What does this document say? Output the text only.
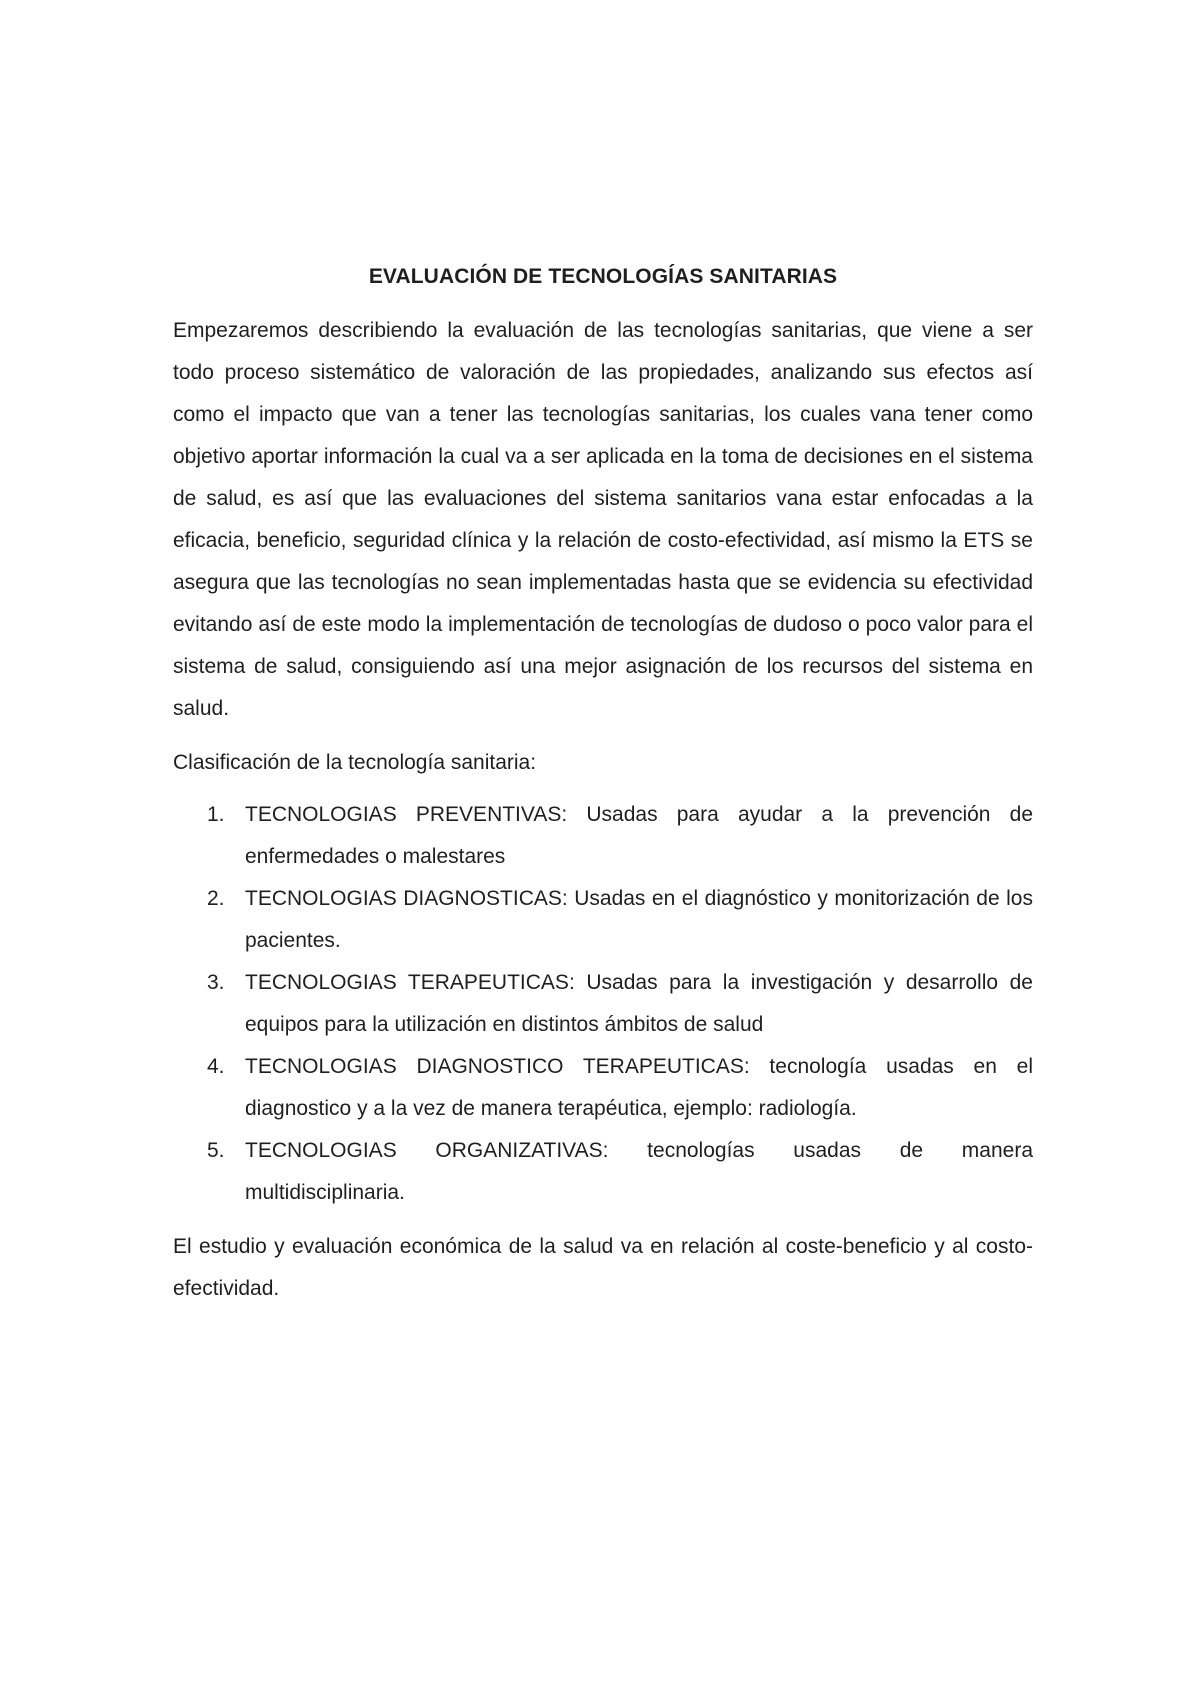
EVALUACIÓN DE TECNOLOGÍAS SANITARIAS

Empezaremos describiendo la evaluación de las tecnologías sanitarias, que viene a ser todo proceso sistemático de valoración de las propiedades, analizando sus efectos así como el impacto que van a tener las tecnologías sanitarias, los cuales vana tener como objetivo aportar información la cual va a ser aplicada en la toma de decisiones en el sistema de salud, es así que las evaluaciones del sistema sanitarios vana estar enfocadas a la eficacia, beneficio, seguridad clínica y la relación de costo-efectividad, así mismo la ETS se asegura que las tecnologías no sean implementadas hasta que se evidencia su efectividad evitando así de este modo la implementación de tecnologías de dudoso o poco valor para el sistema de salud, consiguiendo así una mejor asignación de los recursos del sistema en salud.

Clasificación de la tecnología sanitaria:

1. TECNOLOGIAS PREVENTIVAS: Usadas para ayudar a la prevención de enfermedades o malestares
2. TECNOLOGIAS DIAGNOSTICAS: Usadas en el diagnóstico y monitorización de los pacientes.
3. TECNOLOGIAS TERAPEUTICAS: Usadas para la investigación y desarrollo de equipos para la utilización en distintos ámbitos de salud
4. TECNOLOGIAS DIAGNOSTICO TERAPEUTICAS: tecnología usadas en el diagnostico y a la vez de manera terapéutica, ejemplo: radiología.
5. TECNOLOGIAS ORGANIZATIVAS: tecnologías usadas de manera multidisciplinaria.

El estudio y evaluación económica de la salud va en relación al coste-beneficio y al costo-efectividad.
